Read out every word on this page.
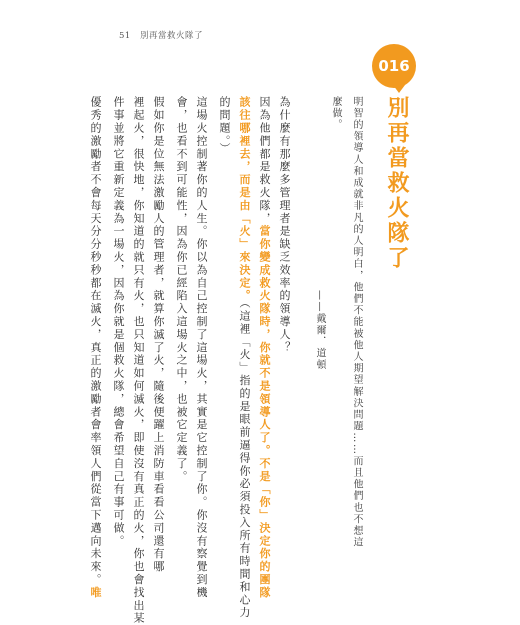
51 別再當救火隊了
016
別再當救火隊了
明智的領導人和成就非凡的人明白，他們不能被他人期望解決問題……而且他們也不想這
麼做。
——戴爾．道頓
為什麼有那麼多管理者是缺乏效率的領導人？
因為他們都是救火隊，當你變成救火隊時，你就不是領導人了。不是「你」決定你的團隊
該往哪裡去，而是由「火」來決定。（這裡「火」指的是眼前逼得你必須投入所有時間和心力
的問題。）
這場火控制著你的人生。你以為自己控制了這場火，其實是它控制了你。你沒有察覺到機
會，也看不到可能性，因為你已經陷入這場火之中，也被它定義了。
假如你是位無法激勵人的管理者，就算你滅了火，隨後便躍上消防車看看公司還有哪
裡起火，很快地，你知道的就只有火，也只知道如何滅火，即使沒有真正的火，你也會找出某
件事並將它重新定義為一場火，因為你就是個救火隊，總會希望自己有事可做。
優秀的激勵者不會每天分分秒秒都在滅火，真正的激勵者會率領人們從當下邁向未來。唯
